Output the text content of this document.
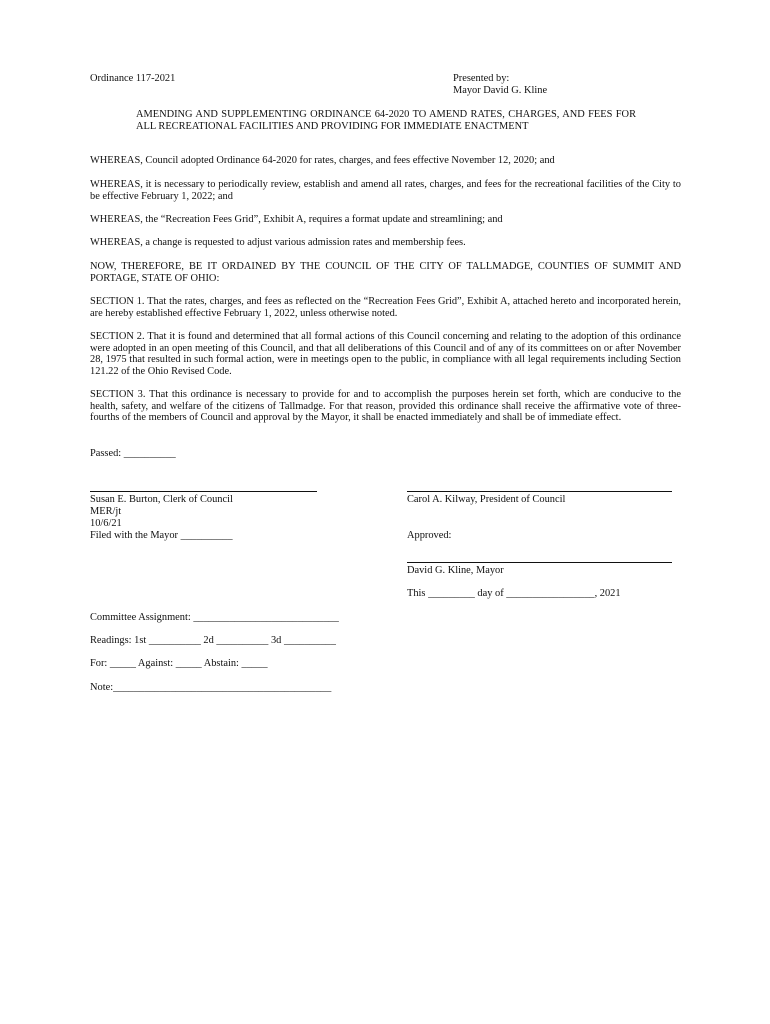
Ordinance 117-2021	Presented by:
Mayor David G. Kline
AMENDING AND SUPPLEMENTING ORDINANCE 64-2020 TO AMEND RATES, CHARGES, AND FEES FOR ALL RECREATIONAL FACILITIES AND PROVIDING FOR IMMEDIATE ENACTMENT
WHEREAS, Council adopted Ordinance 64-2020 for rates, charges, and fees effective November 12, 2020; and
WHEREAS, it is necessary to periodically review, establish and amend all rates, charges, and fees for the recreational facilities of the City to be effective February 1, 2022; and
WHEREAS, the “Recreation Fees Grid”, Exhibit A, requires a format update and streamlining; and
WHEREAS, a change is requested to adjust various admission rates and membership fees.
NOW, THEREFORE, BE IT ORDAINED BY THE COUNCIL OF THE CITY OF TALLMADGE, COUNTIES OF SUMMIT AND PORTAGE, STATE OF OHIO:
SECTION 1. That the rates, charges, and fees as reflected on the “Recreation Fees Grid”, Exhibit A, attached hereto and incorporated herein, are hereby established effective February 1, 2022, unless otherwise noted.
SECTION 2. That it is found and determined that all formal actions of this Council concerning and relating to the adoption of this ordinance were adopted in an open meeting of this Council, and that all deliberations of this Council and of any of its committees on or after November 28, 1975 that resulted in such formal action, were in meetings open to the public, in compliance with all legal requirements including Section 121.22 of the Ohio Revised Code.
SECTION 3. That this ordinance is necessary to provide for and to accomplish the purposes herein set forth, which are conducive to the health, safety, and welfare of the citizens of Tallmadge. For that reason, provided this ordinance shall receive the affirmative vote of three-fourths of the members of Council and approval by the Mayor, it shall be enacted immediately and shall be of immediate effect.
Passed: __________
Susan E. Burton, Clerk of Council
MER/jt
10/6/21
Filed with the Mayor __________
Carol A. Kilway, President of Council
Approved:
David G. Kline, Mayor
This _________ day of _________________, 2021
Committee Assignment: ____________________________
Readings: 1st __________ 2d __________ 3d __________
For: _____ Against: _____ Abstain: _____
Note:__________________________________________
